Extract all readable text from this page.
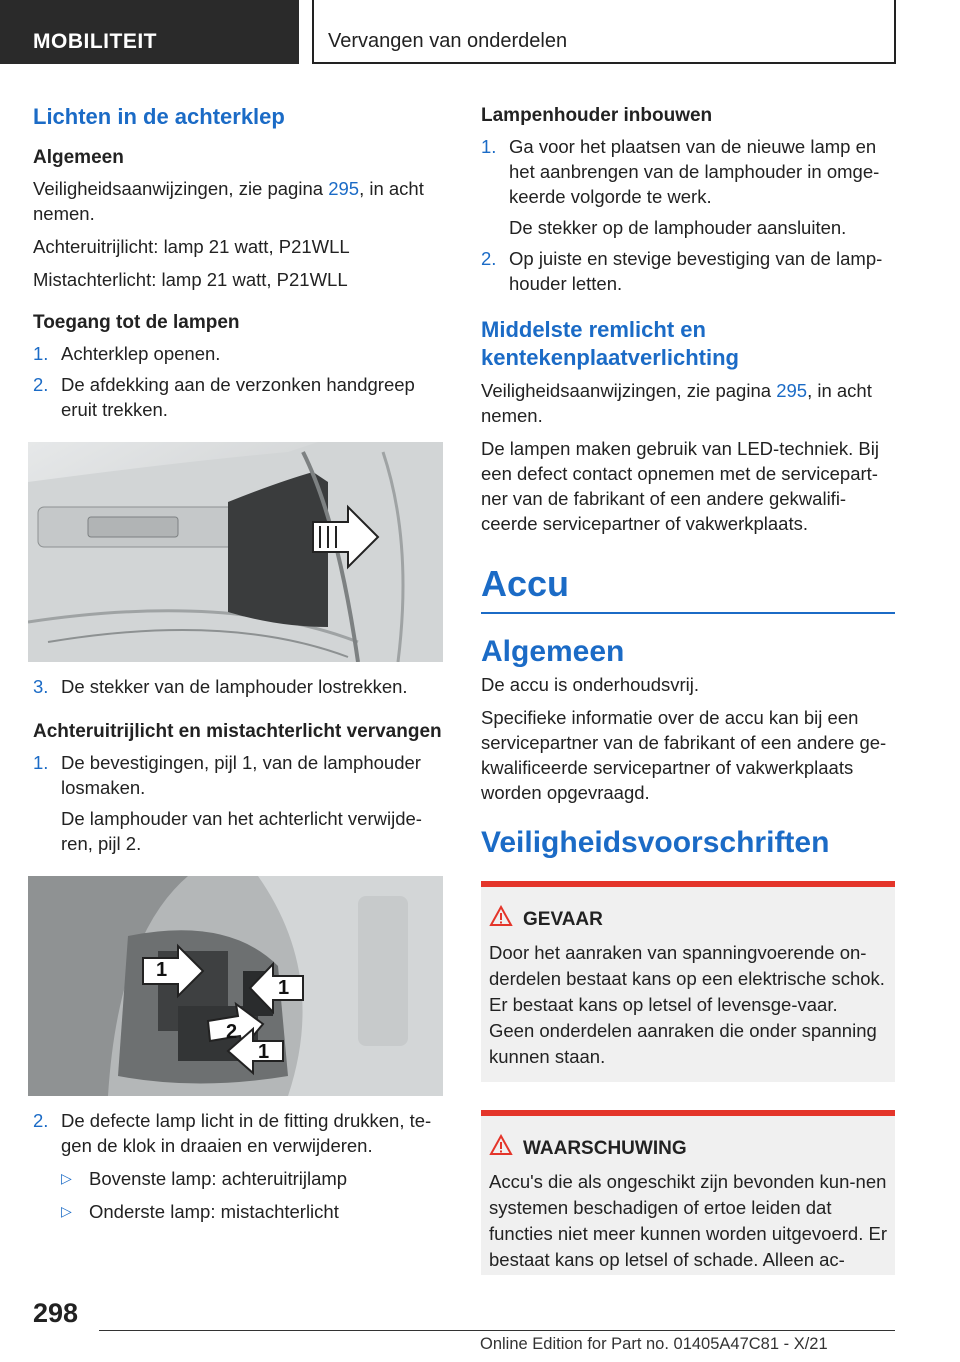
MOBILITEIT	Vervangen van onderdelen
Lichten in de achterklep
Algemeen

Veiligheidsaanwijzingen, zie pagina 295, in acht nemen.

Achteruitrijlicht: lamp 21 watt, P21WLL

Mistachterlicht: lamp 21 watt, P21WLL

Toegang tot de lampen
1. Achterklep openen.
2. De afdekking aan de verzonken handgreep eruit trekken.
3. De stekker van de lamphouder lostrekken.
Achteruitrijlicht en mistachterlicht vervangen
1. De bevestigingen, pijl 1, van de lamphouder losmaken.

De lamphouder van het achterlicht verwijde-ren, pijl 2.

1
1
2
1
2. De defecte lamp licht in de fitting drukken, te-gen de klok in draaien en verwijderen.
▷ Bovenste lamp: achteruitrijlamp
▷ Onderste lamp: mistachterlicht
Lampenhouder inbouwen
1. Ga voor het plaatsen van de nieuwe lamp en het aanbrengen van de lamphouder in omge-keerde volgorde te werk.

De stekker op de lamphouder aansluiten.

2. Op juiste en stevige bevestiging van de lamp-houder letten.
Middelste remlicht en kentekenplaatverlichting

Veiligheidsaanwijzingen, zie pagina 295, in acht nemen.

De lampen maken gebruik van LED-techniek. Bij een defect contact opnemen met de servicepart-ner van de fabrikant of een andere gekwalifi-ceerde servicepartner of vakwerkplaats.

Accu
Algemeen

De accu is onderhoudsvrij.

Specifieke informatie over de accu kan bij een servicepartner van de fabrikant of een andere ge-kwalificeerde servicepartner of vakwerkplaats worden opgevraagd.

Veiligheidsvoorschriften
GEVAAR

Door het aanraken van spanningvoerende on-derdelen bestaat kans op een elektrische schok. Er bestaat kans op letsel of levensge-vaar. Geen onderdelen aanraken die onder spanning kunnen staan.

WAARSCHUWING

Accu's die als ongeschikt zijn bevonden kun-nen systemen beschadigen of ertoe leiden dat functies niet meer kunnen worden uitgevoerd. Er bestaat kans op letsel of schade. Alleen ac-

298
Online Edition for Part no. 01405A47C81 - X/21
